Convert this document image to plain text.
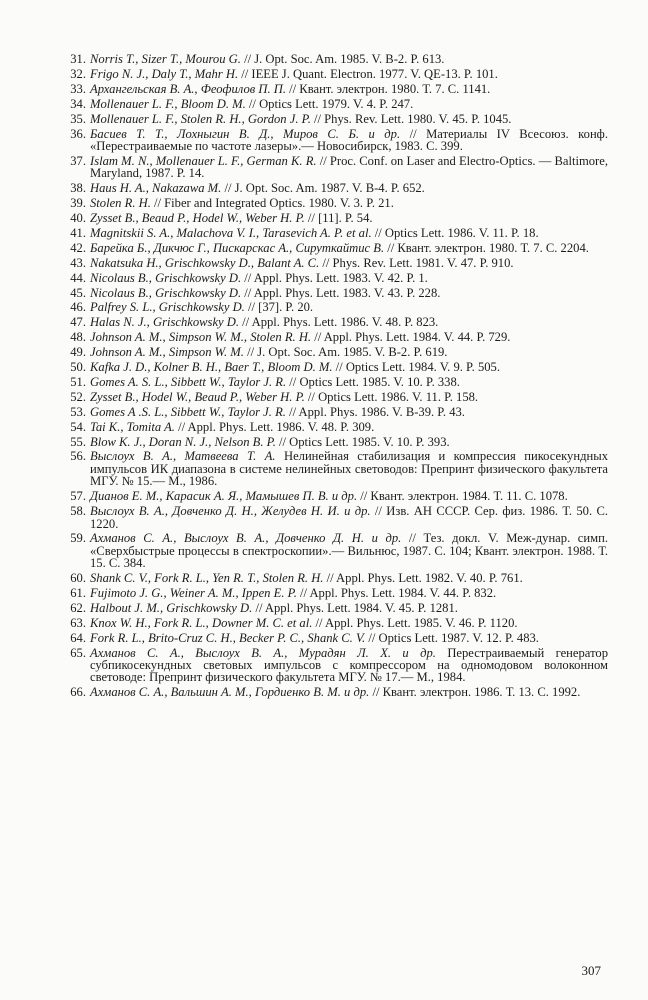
31. Norris T., Sizer T., Mourou G. // J. Opt. Soc. Am. 1985. V. B-2. P. 613.
32. Frigo N. J., Daly T., Mahr H. // IEEE J. Quant. Electron. 1977. V. QE-13. P. 101.
33. Архангельская В. А., Феофилов П. П. // Квант. электрон. 1980. Т. 7. С. 1141.
34. Mollenauer L. F., Bloom D. M. // Optics Lett. 1979. V. 4. P. 247.
35. Mollenauer L. F., Stolen R. H., Gordon J. P. // Phys. Rev. Lett. 1980. V. 45. P. 1045.
36. Басиев Т. Т., Лохныгин В. Д., Миров С. Б. и др. // Материалы IV Всесоюз. конф. «Перестраиваемые по частоте лазеры».— Новосибирск, 1983. С. 399.
37. Islam M. N., Mollenauer L. F., German K. R. // Proc. Conf. on Laser and Electro-Optics. — Baltimore, Maryland, 1987. P. 14.
38. Haus H. A., Nakazawa M. // J. Opt. Soc. Am. 1987. V. B-4. P. 652.
39. Stolen R. H. // Fiber and Integrated Optics. 1980. V. 3. P. 21.
40. Zysset B., Beaud P., Hodel W., Weber H. P. // [11]. P. 54.
41. Magnitskii S. A., Malachova V. I., Tarasevich A. P. et al. // Optics Lett. 1986. V. 11. P. 18.
42. Барейка Б., Дикчюс Г., Пискарскас А., Сируткайтис В. // Квант. электрон. 1980. Т. 7. С. 2204.
43. Nakatsuka H., Grischkowsky D., Balant A. C. // Phys. Rev. Lett. 1981. V. 47. P. 910.
44. Nicolaus B., Grischkowsky D. // Appl. Phys. Lett. 1983. V. 42. P. 1.
45. Nicolaus B., Grischkowsky D. // Appl. Phys. Lett. 1983. V. 43. P. 228.
46. Palfrey S. L., Grischkowsky D. // [37]. P. 20.
47. Halas N. J., Grischkowsky D. // Appl. Phys. Lett. 1986. V. 48. P. 823.
48. Johnson A. M., Simpson W. M., Stolen R. H. // Appl. Phys. Lett. 1984. V. 44. P. 729.
49. Johnson A. M., Simpson W. M. // J. Opt. Soc. Am. 1985. V. B-2. P. 619.
50. Kafka J. D., Kolner B. H., Baer T., Bloom D. M. // Optics Lett. 1984. V. 9. P. 505.
51. Gomes A. S. L., Sibbett W., Taylor J. R. // Optics Lett. 1985. V. 10. P. 338.
52. Zysset B., Hodel W., Beaud P., Weber H. P. // Optics Lett. 1986. V. 11. P. 158.
53. Gomes A .S. L., Sibbett W., Taylor J. R. // Appl. Phys. 1986. V. B-39. P. 43.
54. Tai K., Tomita A. // Appl. Phys. Lett. 1986. V. 48. P. 309.
55. Blow K. J., Doran N. J., Nelson B. P. // Optics Lett. 1985. V. 10. P. 393.
56. Выслоух В. А., Матвеева Т. А. Нелинейная стабилизация и компрессия пикосекундных импульсов ИК диапазона в системе нелинейных световодов: Препринт физического факультета МГУ. № 15.— М., 1986.
57. Дианов Е. М., Карасик А. Я., Мамышев П. В. и др. // Квант. электрон. 1984. Т. 11. С. 1078.
58. Выслоух В. А., Довченко Д. Н., Желудев Н. И. и др. // Изв. АН СССР. Сер. физ. 1986. Т. 50. С. 1220.
59. Ахманов С. А., Выслоух В. А., Довченко Д. Н. и др. // Тез. докл. V. Меж-дунар. симп. «Сверхбыстрые процессы в спектроскопии».— Вильнюс, 1987. С. 104; Квант. электрон. 1988. Т. 15. С. 384.
60. Shank C. V., Fork R. L., Yen R. T., Stolen R. H. // Appl. Phys. Lett. 1982. V. 40. P. 761.
61. Fujimoto J. G., Weiner A. M., Ippen E. P. // Appl. Phys. Lett. 1984. V. 44. P. 832.
62. Halbout J. M., Grischkowsky D. // Appl. Phys. Lett. 1984. V. 45. P. 1281.
63. Knox W. H., Fork R. L., Downer M. C. et al. // Appl. Phys. Lett. 1985. V. 46. P. 1120.
64. Fork R. L., Brito-Cruz C. H., Becker P. C., Shank C. V. // Optics Lett. 1987. V. 12. P. 483.
65. Ахманов С. А., Выслоух В. А., Мурадян Л. Х. и др. Перестраиваемый генератор субпикосекундных световых импульсов с компрессором на одномодовом волоконном световоде: Препринт физического факультета МГУ. № 17.— М., 1984.
66. Ахманов С. А., Вальшин А. М., Гордиенко В. М. и др. // Квант. электрон. 1986. Т. 13. С. 1992.
307
